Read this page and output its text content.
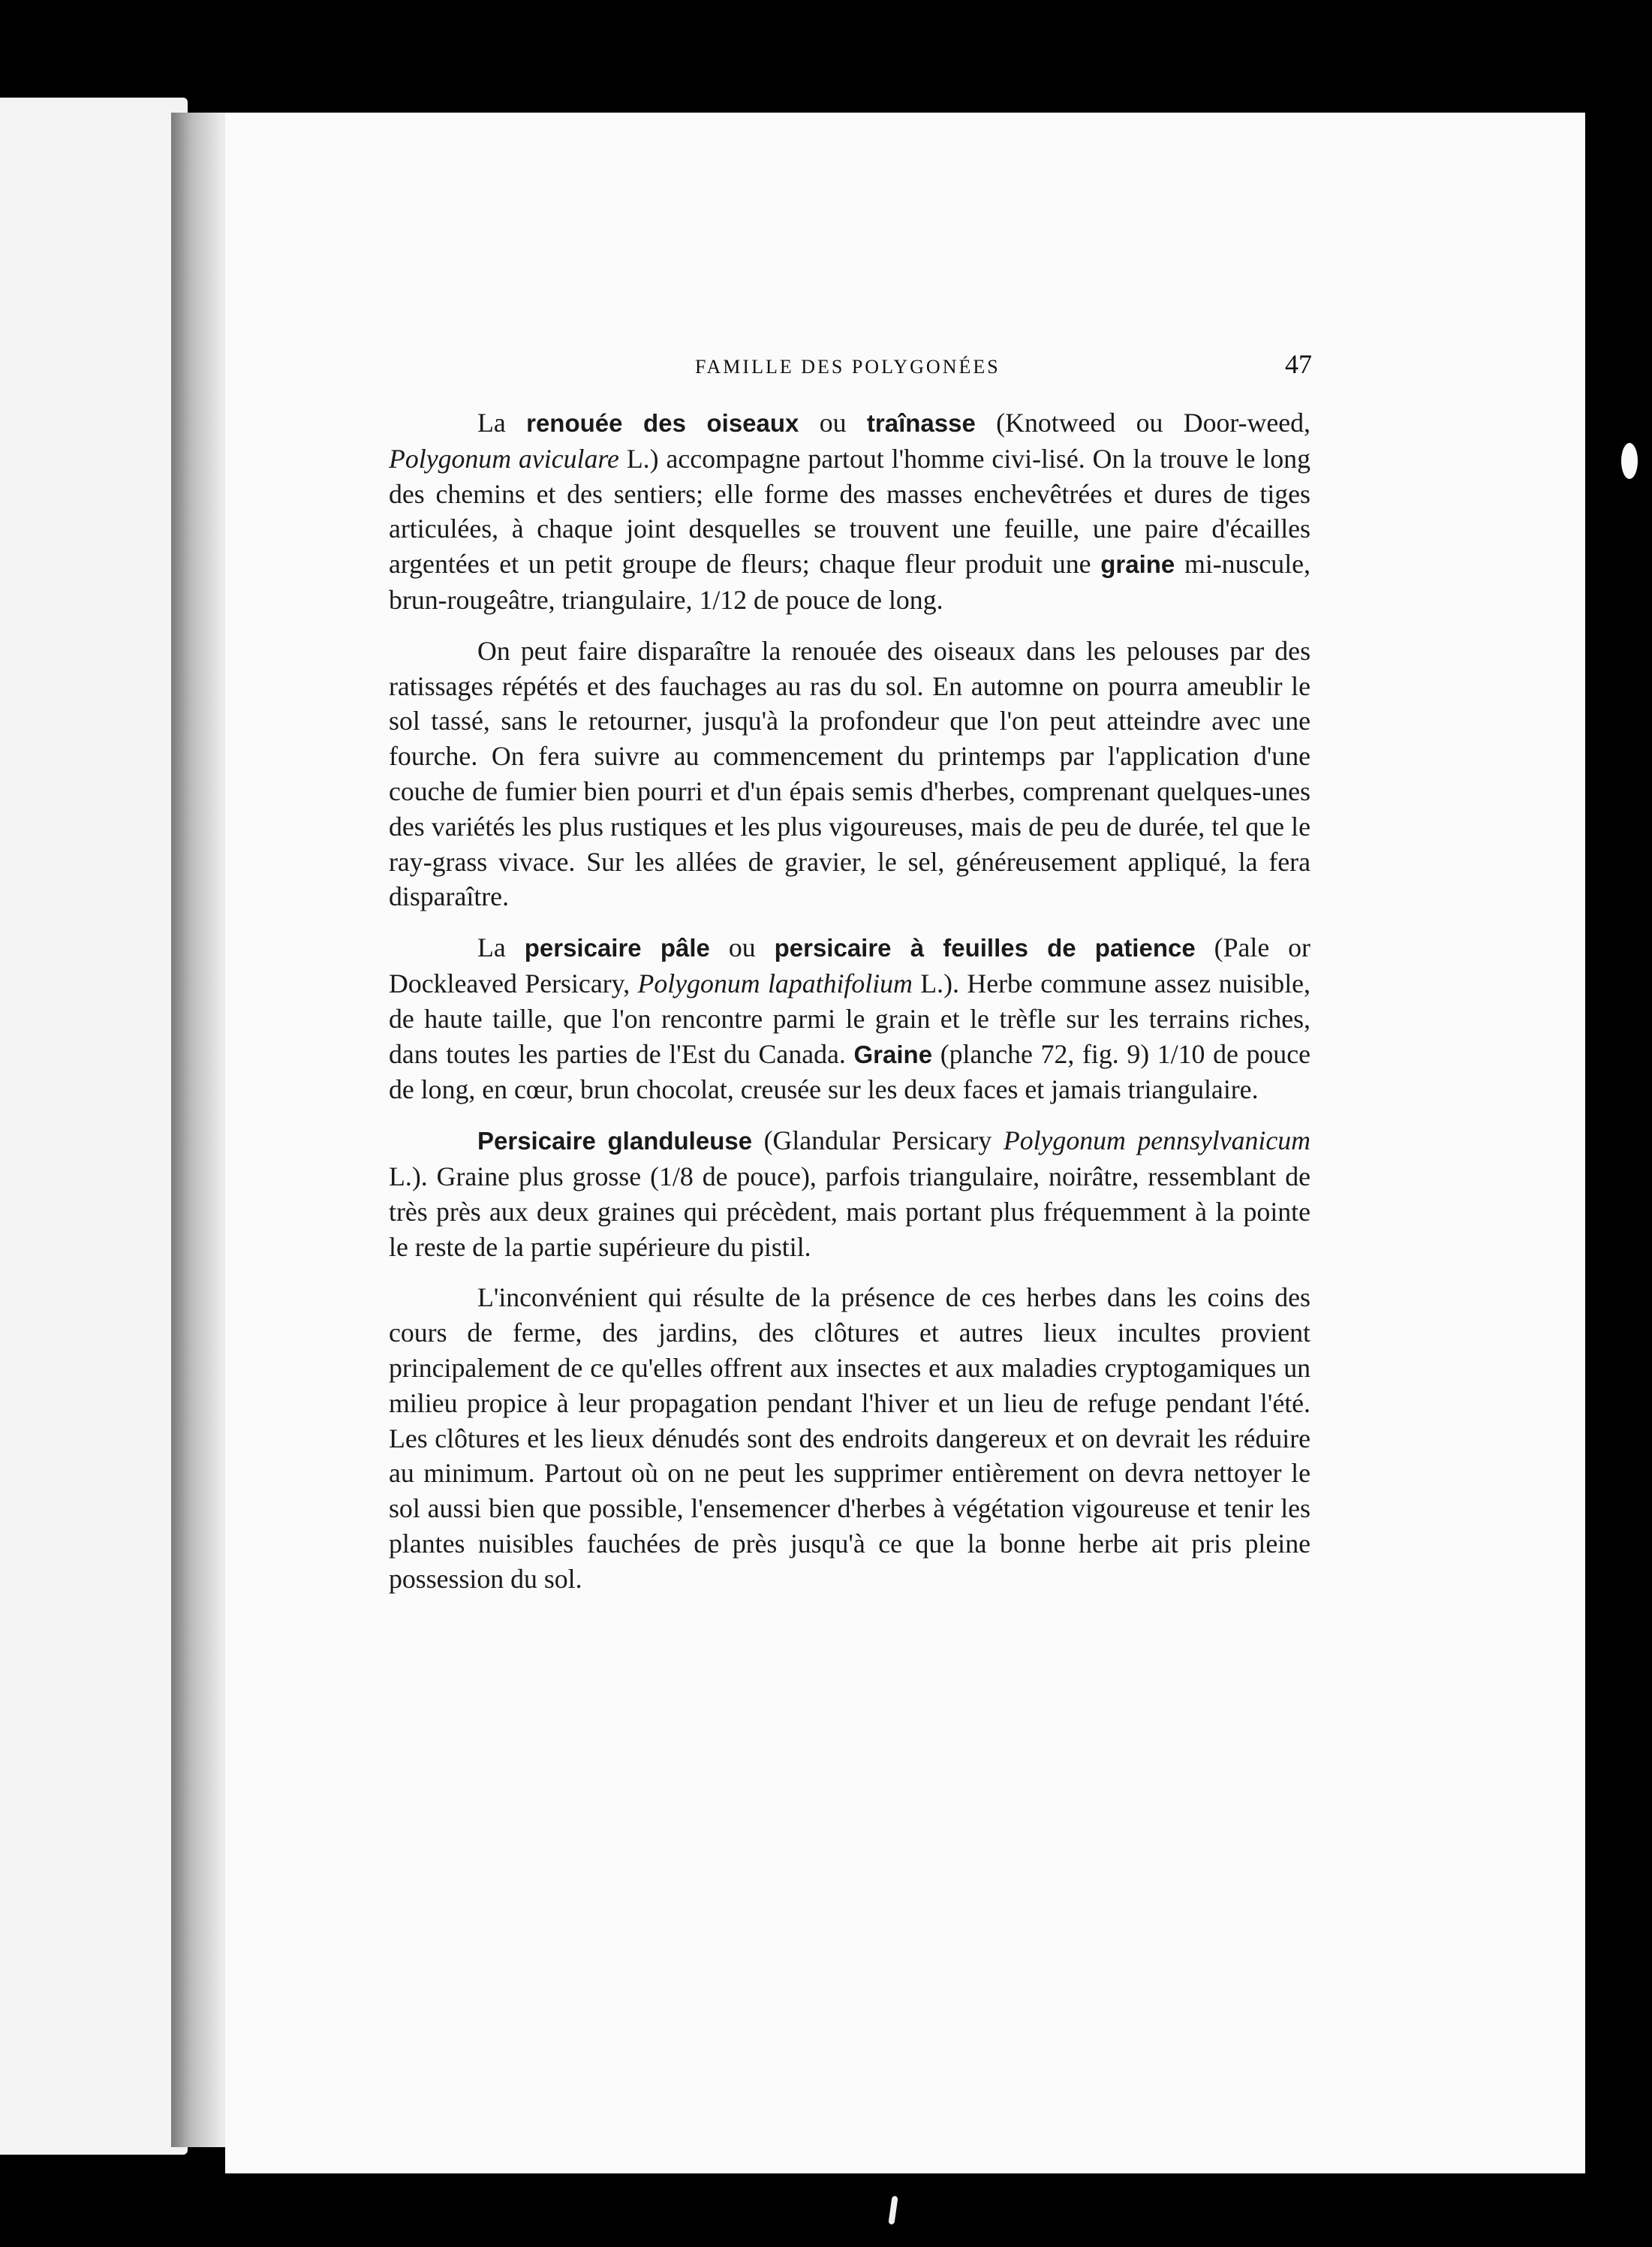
FAMILLE DES POLYGONÉES	47

La renouée des oiseaux ou traînasse (Knotweed ou Door-weed, Polygonum aviculare L.) accompagne partout l'homme civi-lisé. On la trouve le long des chemins et des sentiers; elle forme des masses enchevêtrées et dures de tiges articulées, à chaque joint desquelles se trouvent une feuille, une paire d'écailles argentées et un petit groupe de fleurs; chaque fleur produit une graine mi-nuscule, brun-rougeâtre, triangulaire, 1/12 de pouce de long.

On peut faire disparaître la renouée des oiseaux dans les pelouses par des ratissages répétés et des fauchages au ras du sol. En automne on pourra ameublir le sol tassé, sans le retourner, jusqu'à la profondeur que l'on peut atteindre avec une fourche. On fera suivre au commencement du printemps par l'application d'une couche de fumier bien pourri et d'un épais semis d'herbes, comprenant quelques-unes des variétés les plus rustiques et les plus vigoureuses, mais de peu de durée, tel que le ray-grass vivace. Sur les allées de gravier, le sel, généreusement appliqué, la fera disparaître.

La persicaire pâle ou persicaire à feuilles de patience (Pale or Dockleaved Persicary, Polygonum lapathifolium L.). Herbe commune assez nuisible, de haute taille, que l'on rencontre parmi le grain et le trèfle sur les terrains riches, dans toutes les parties de l'Est du Canada. Graine (planche 72, fig. 9) 1/10 de pouce de long, en cœur, brun chocolat, creusée sur les deux faces et jamais triangulaire.

Persicaire glanduleuse (Glandular Persicary Polygonum pennsylvanicum L.). Graine plus grosse (1/8 de pouce), parfois triangulaire, noirâtre, ressemblant de très près aux deux graines qui précèdent, mais portant plus fréquemment à la pointe le reste de la partie supérieure du pistil.

L'inconvénient qui résulte de la présence de ces herbes dans les coins des cours de ferme, des jardins, des clôtures et autres lieux incultes provient principalement de ce qu'elles offrent aux insectes et aux maladies cryptogamiques un milieu propice à leur propagation pendant l'hiver et un lieu de refuge pendant l'été. Les clôtures et les lieux dénudés sont des endroits dangereux et on devrait les réduire au minimum. Partout où on ne peut les supprimer entièrement on devra nettoyer le sol aussi bien que possible, l'ensemencer d'herbes à végétation vigoureuse et tenir les plantes nuisibles fauchées de près jusqu'à ce que la bonne herbe ait pris pleine possession du sol.
